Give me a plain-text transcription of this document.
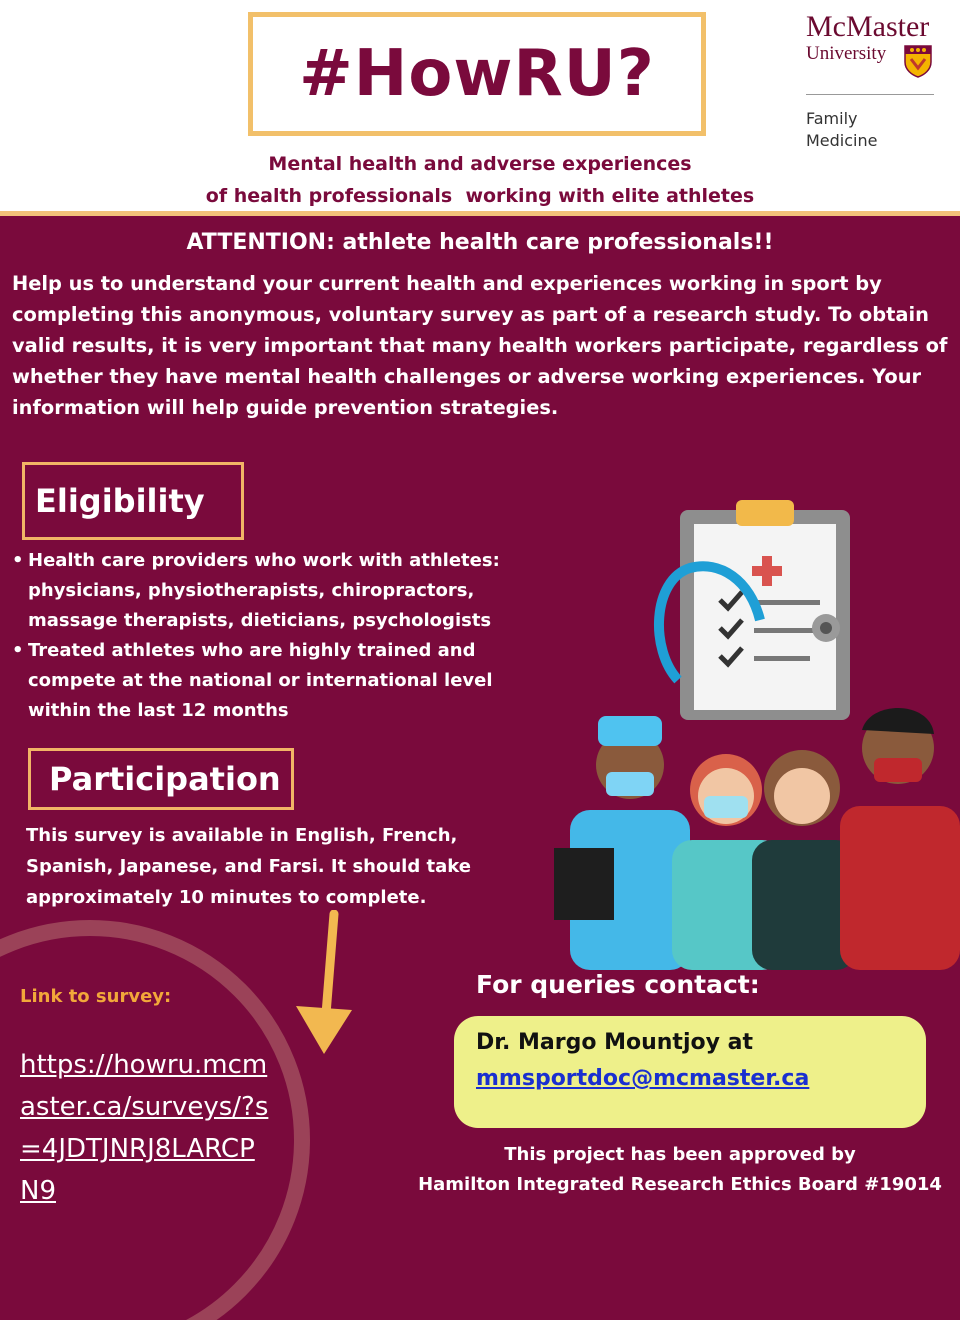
#HowRU?
Mental health and adverse experiences
of health professionals  working with elite athletes
McMaster
University
Family
Medicine
ATTENTION: athlete health care professionals!!
Help us to understand your current health and experiences working in sport by completing this anonymous, voluntary survey as part of a research study. To obtain valid results, it is very important that many health workers participate, regardless of whether they have mental health challenges or adverse working experiences. Your information will help guide prevention strategies.
Eligibility
• Health care providers who work with athletes: physicians, physiotherapists, chiropractors, massage therapists, dieticians, psychologists
• Treated athletes who are highly trained and compete at the national or international level within the last 12 months
Participation
This survey is available in English, French, Spanish, Japanese, and Farsi. It should take approximately 10 minutes to complete.
Link to survey:
https://howru.mcmaster.ca/surveys/?s=4JDTJNRJ8LARCPN9
For queries contact:
Dr. Margo Mountjoy at
mmsportdoc@mcmaster.ca
This project has been approved by
Hamilton Integrated Research Ethics Board #19014
